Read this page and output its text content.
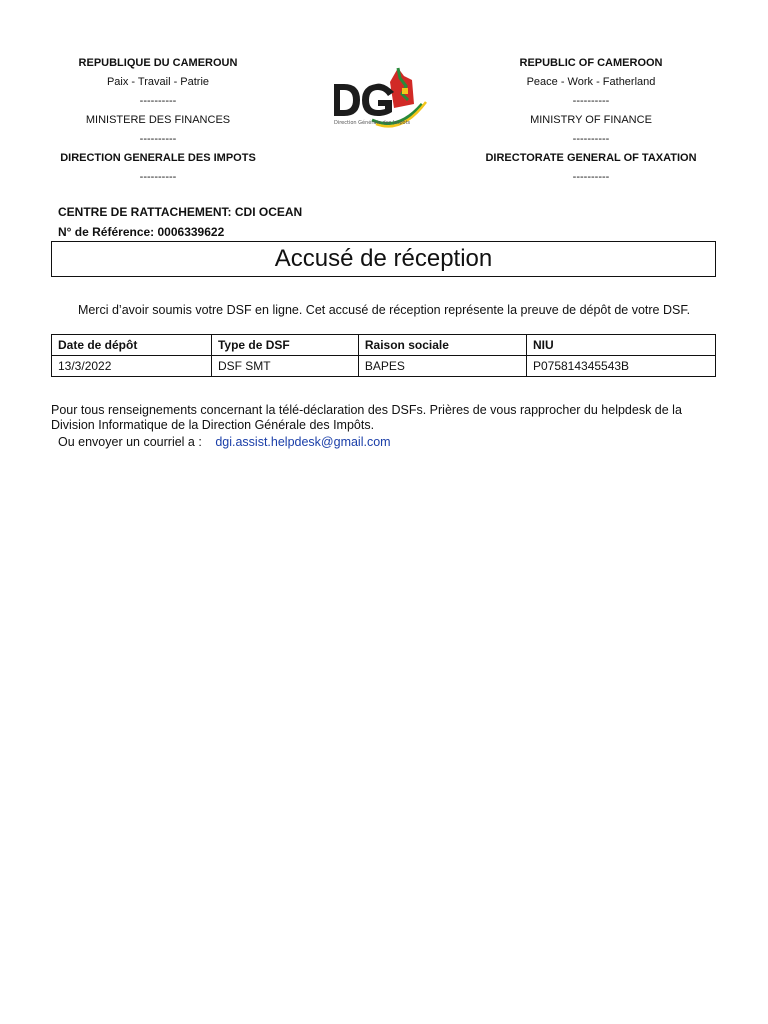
REPUBLIQUE DU CAMEROUN
Paix - Travail - Patrie
----------
MINISTERE DES FINANCES
----------
DIRECTION GENERALE DES IMPOTS
----------
Direction Générale des Impôts
REPUBLIC OF CAMEROON
Peace - Work - Fatherland
----------
MINISTRY OF FINANCE
----------
DIRECTORATE GENERAL OF TAXATION
----------
CENTRE DE RATTACHEMENT: CDI OCEAN
N° de Référence: 0006339622
Accusé de réception
Merci d’avoir soumis votre DSF en ligne. Cet accusé de réception représente la preuve de dépôt de votre DSF.
Date de dépôt	Type de DSF	Raison sociale	NIU
13/3/2022	DSF SMT	BAPES	P075814345543B
Pour tous renseignements concernant la télé-déclaration des DSFs. Prières de vous rapprocher du helpdesk de la Division Informatique de la Direction Générale des Impôts.
Ou envoyer un courriel a : dgi.assist.helpdesk@gmail.com
